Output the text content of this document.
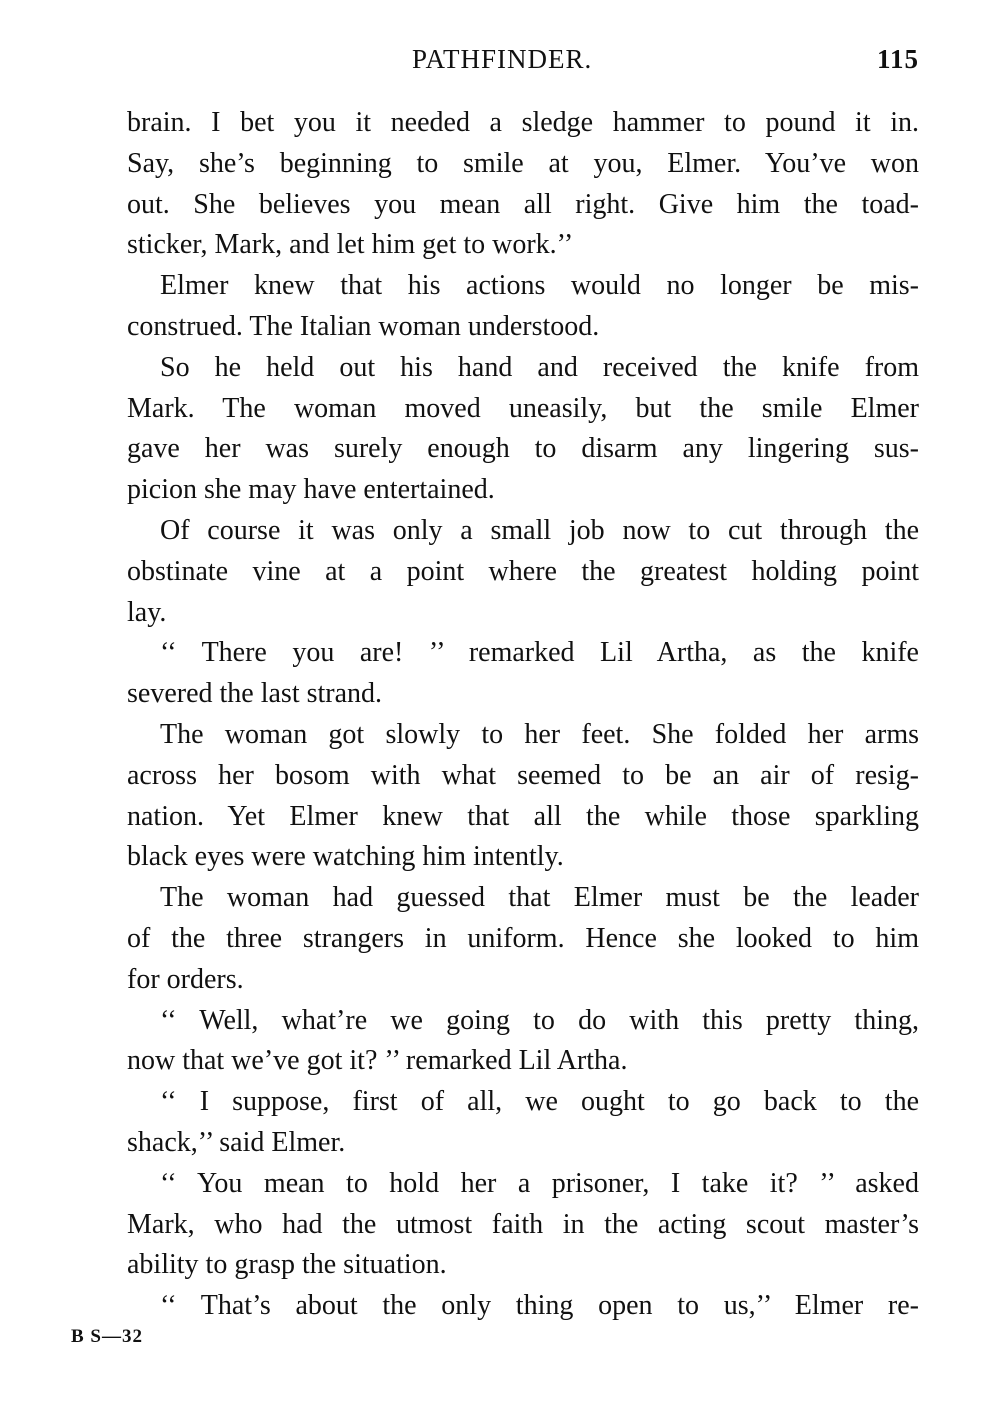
PATHFINDER.	115
brain. I bet you it needed a sledge hammer to pound it in.
Say, she’s beginning to smile at you, Elmer. You’ve won
out. She believes you mean all right. Give him the toad-
sticker, Mark, and let him get to work.’’
Elmer knew that his actions would no longer be mis-
construed. The Italian woman understood.
So he held out his hand and received the knife from
Mark. The woman moved uneasily, but the smile Elmer
gave her was surely enough to disarm any lingering sus-
picion she may have entertained.
Of course it was only a small job now to cut through the
obstinate vine at a point where the greatest holding point
lay.
‘‘ There you are! ’’ remarked Lil Artha, as the knife
severed the last strand.
The woman got slowly to her feet. She folded her arms
across her bosom with what seemed to be an air of resig-
nation. Yet Elmer knew that all the while those sparkling
black eyes were watching him intently.
The woman had guessed that Elmer must be the leader
of the three strangers in uniform. Hence she looked to him
for orders.
‘‘ Well, what’re we going to do with this pretty thing,
now that we’ve got it? ’’ remarked Lil Artha.
‘‘ I suppose, first of all, we ought to go back to the
shack,’’ said Elmer.
‘‘ You mean to hold her a prisoner, I take it? ’’ asked
Mark, who had the utmost faith in the acting scout master’s
ability to grasp the situation.
‘‘ That’s about the only thing open to us,’’ Elmer re-
B S—32
